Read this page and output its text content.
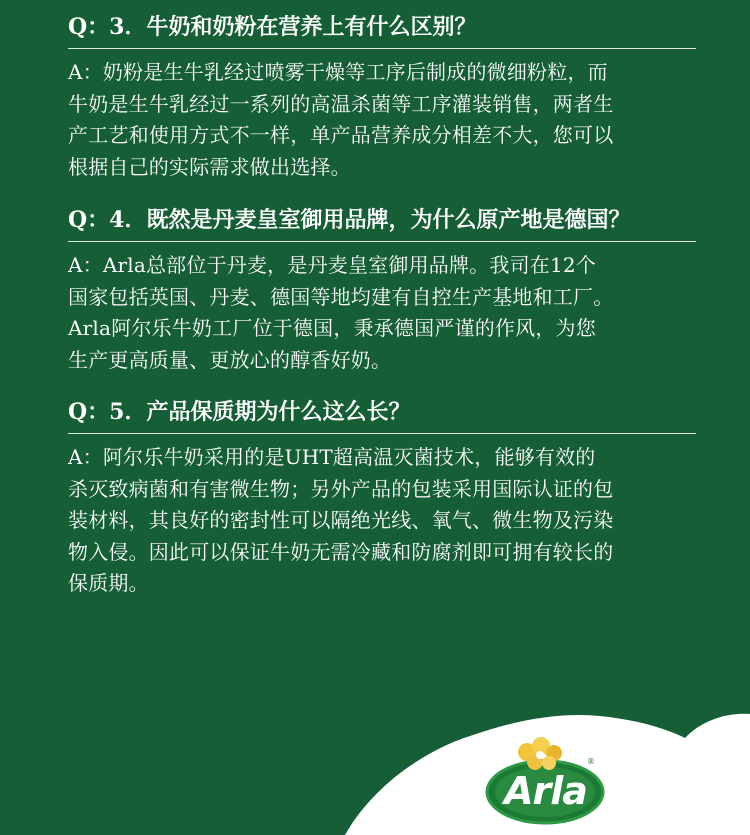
Q：3．牛奶和奶粉在营养上有什么区别？

A：奶粉是生牛乳经过喷雾干燥等工序后制成的微细粉粒，而

牛奶是生牛乳经过一系列的高温杀菌等工序灌装销售，两者生

产工艺和使用方式不一样，单产品营养成分相差不大，您可以

根据自己的实际需求做出选择。

Q：4．既然是丹麦皇室御用品牌，为什么原产地是德国？

A：Arla总部位于丹麦，是丹麦皇室御用品牌。我司在12个

国家包括英国、丹麦、德国等地均建有自控生产基地和工厂。

Arla阿尔乐牛奶工厂位于德国，秉承德国严谨的作风，为您

生产更高质量、更放心的醇香好奶。

Q：5．产品保质期为什么这么长？

A：阿尔乐牛奶采用的是UHT超高温灭菌技术，能够有效的

杀灭致病菌和有害微生物；另外产品的包装采用国际认证的包

装材料，其良好的密封性可以隔绝光线、氧气、微生物及污染

物入侵。因此可以保证牛奶无需冷藏和防腐剂即可拥有较长的

保质期。

®
Arla
